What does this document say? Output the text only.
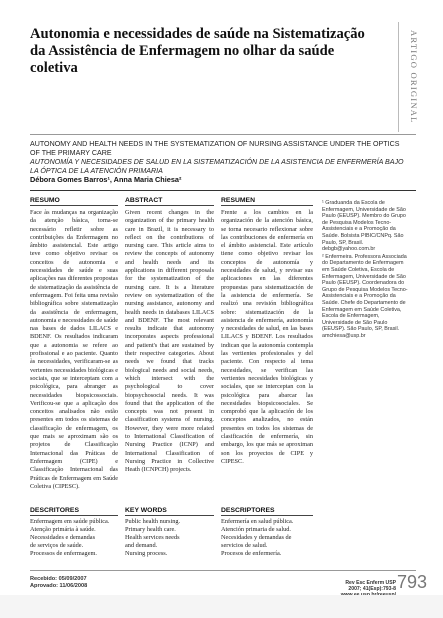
Autonomia e necessidades de saúde na Sistematização da Assistência de Enfermagem no olhar da saúde coletiva	ARTIGO ORIGINAL
AUTONOMY AND HEALTH NEEDS IN THE SYSTEMATIZATION OF NURSING ASSISTANCE UNDER THE OPTICS OF THE PRIMARY CARE
AUTONOMÍA Y NECESIDADES DE SALUD EN LA SISTEMATIZACIÓN DE LA ASISTENCIA DE ENFERMERÍA BAJO LA ÓPTICA DE LA ATENCIÓN PRIMARIA
Débora Gomes Barros¹, Anna Maria Chiesa²
RESUMO
Face às mudanças na organização da atenção básica, torna-se necessário refletir sobre as contribuições da Enfermagem no âmbito assistencial. Este artigo teve como objetivo revisar os conceitos de autonomia e necessidades de saúde e suas aplicações nas diferentes propostas de sistematização da assistência de enfermagem. Foi feita uma revisão bibliográfica sobre sistematização da assistência de enfermagem, autonomia e necessidades de saúde nas bases de dados LILACS e BDENF. Os resultados indicaram que a autonomia se refere ao profissional e ao paciente. Quanto às necessidades, verificaram-se as vertentes necessidades biológicas e sociais, que se interceptam com a psicológica, para abranger as necessidades biopsicossociais. Verificou-se que a aplicação dos conceitos analisados não estão presentes em todos os sistemas de classificação de enfermagem, os que mais se aproximam são os projetos de Classificação Internacional das Práticas de Enfermagem (CIPE) e Classificação Internacional das Práticas de Enfermagem em Saúde Coletiva (CIPESC).
ABSTRACT
Given recent changes in the organization of the primary health care in Brazil, it is necessary to reflect on the contributions of nursing care. This article aims to review the concepts of autonomy and health needs and its applications in different proposals for the systematization of the nursing care. It is a literature review on systematization of the nursing assistance, autonomy and health needs in databases LILACS and BDENF. The most relevant results indicate that autonomy incorporates aspects professional and patient's that are sustained by their respective categories. About needs we found that tracks biological needs and social needs, which intersect with the psychological to cover biopsychosocial needs. It was found that the application of the concepts was not present in classification systems of nursing. However, they were more related to International Classification of Nursing Practice (ICNP) and International Classification of Nursing Practice in Collective Heath (ICNPCH) projects.
RESUMEN
Frente a los cambios en la organización de la atención básica, se torna necesario reflexionar sobre las contribuciones de enfermería en el ámbito asistencial. Este artículo tiene como objetivo revisar los conceptos de autonomía y necesidades de salud, y revisar sus aplicaciones en las diferentes propuestas para sistematización de la asistencia de enfermería. Se realizó una revisión bibliográfica sobre: sistematización de la asistencia de enfermería, autonomía y necesidades de salud, en las bases LILACS y BDENF. Los resultados indican que la autonomía contempla las vertientes profesionales y del paciente. Con respecto al tema necesidades, se verifican las vertientes necesidades biológicas y sociales, que se interceptan con la psicológica para abarcar las necesidades biopsicosociales. Se comprobó que la aplicación de los conceptos analizados, no están presentes en todos los sistemas de clasificación de enfermería, sin embargo, los que más se aproximan son los proyectos de CIPE y CIPESC.
¹ Graduanda da Escola de Enfermagem, Universidade de São Paulo (EEUSP). Membro do Grupo de Pesquisa Modelos Tecno-Assistenciais e a Promoção da Saúde. Bolsista PIBIC/CNPq. São Paulo, SP, Brasil. debgb@yahoo.com.br
² Enfermeira. Professora Associada do Departamento de Enfermagem em Saúde Coletiva, Escola de Enfermagem, Universidade de São Paulo (EEUSP). Coordenadora do Grupo de Pesquisa Modelos Tecno-Assistenciais e a Promoção da Saúde. Chefe do Departamento de Enfermagem em Saúde Coletiva, Escola de Enfermagem, Universidade de São Paulo (EEUSP). São Paulo, SP, Brasil. amchiesa@usp.br
DESCRITORES
Enfermagem em saúde pública.
Atenção primária à saúde.
Necessidades e demandas
de serviços de saúde.
Processos de enfermagem.
KEY WORDS
Public health nursing.
Primary health care.
Health services needs
and demand.
Nursing process.
DESCRIPTORES
Enfermería en salud pública.
Atención primaria de salud.
Necesidades y demandas de
servicios de salud.
Procesos de enfermería.
Recebido: 05/09/2007
Aprovado: 11/06/2008	Rev Esc Enferm USP
2007; 41(Esp):793-8 793
